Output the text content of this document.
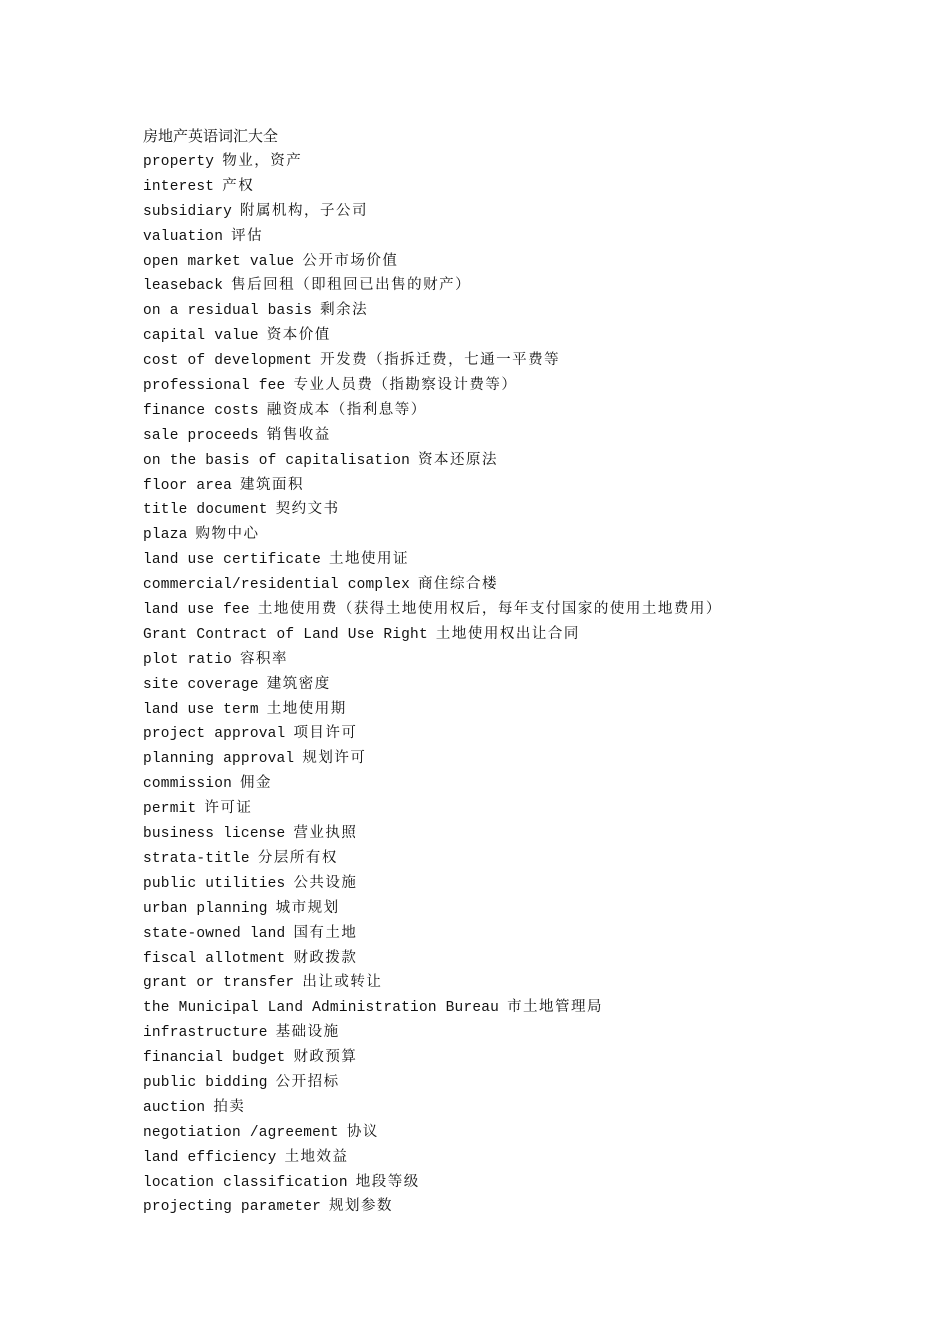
房地产英语词汇大全
property 物业，资产
interest 产权
subsidiary 附属机构，子公司
valuation 评估
open market value 公开市场价值
leaseback 售后回租（即租回已出售的财产）
on a residual basis 剩余法
capital value 资本价值
cost of development 开发费（指拆迁费，七通一平费等
professional fee 专业人员费（指勘察设计费等）
finance costs 融资成本（指利息等）
sale proceeds 销售收益
on the basis of capitalisation 资本还原法
floor area 建筑面积
title document 契约文书
plaza 购物中心
land use certificate 土地使用证
commercial/residential complex 商住综合楼
land use fee 土地使用费（获得土地使用权后，每年支付国家的使用土地费用）
Grant Contract of Land Use Right 土地使用权出让合同
plot ratio 容积率
site coverage 建筑密度
land use term 土地使用期
project approval 项目许可
planning approval 规划许可
commission 佣金
permit 许可证
business license 营业执照
strata-title 分层所有权
public utilities 公共设施
urban planning 城市规划
state-owned land 国有土地
fiscal allotment 财政拨款
grant or transfer 出让或转让
the Municipal Land Administration Bureau 市土地管理局
infrastructure 基础设施
financial budget 财政预算
public bidding 公开招标
auction 拍卖
negotiation /agreement 协议
land efficiency 土地效益
location classification 地段等级
projecting parameter 规划参数
